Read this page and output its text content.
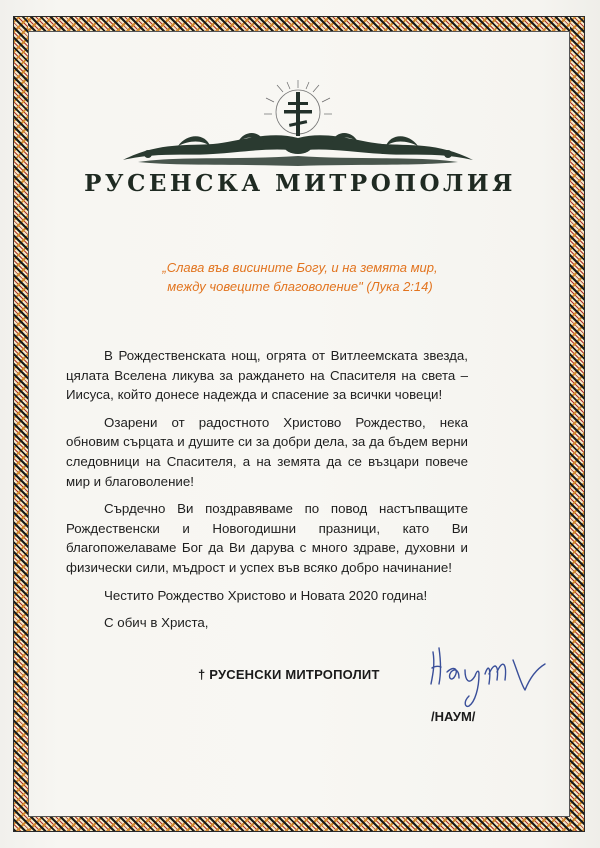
РУСЕНСКА МИТРОПОЛИЯ
„Слава във висините Богу, и на земята мир,
между човеците благоволение" (Лука 2:14)

В Рождественската нощ, огрята от Витлеемската звезда, цялата Вселена ликува за раждането на Спасителя на света – Иисуса, който донесе надежда и спасение за всички човеци!

Озарени от радостното Христово Рождество, нека обновим сърцата и душите си за добри дела, за да бъдем верни следовници на Спасителя, а на земята да се възцари повече мир и благоволение!

Сърдечно Ви поздравяваме по повод настъпващите Рождественски и Новогодишни празници, като Ви благопожелаваме Бог да Ви дарува с много здраве, духовни и физически сили, мъдрост и успех във всяко добро начинание!

Честито Рождество Христово и Новата 2020 година!

С обич в Христа,

† РУСЕНСКИ МИТРОПОЛИТ
/НАУМ/
